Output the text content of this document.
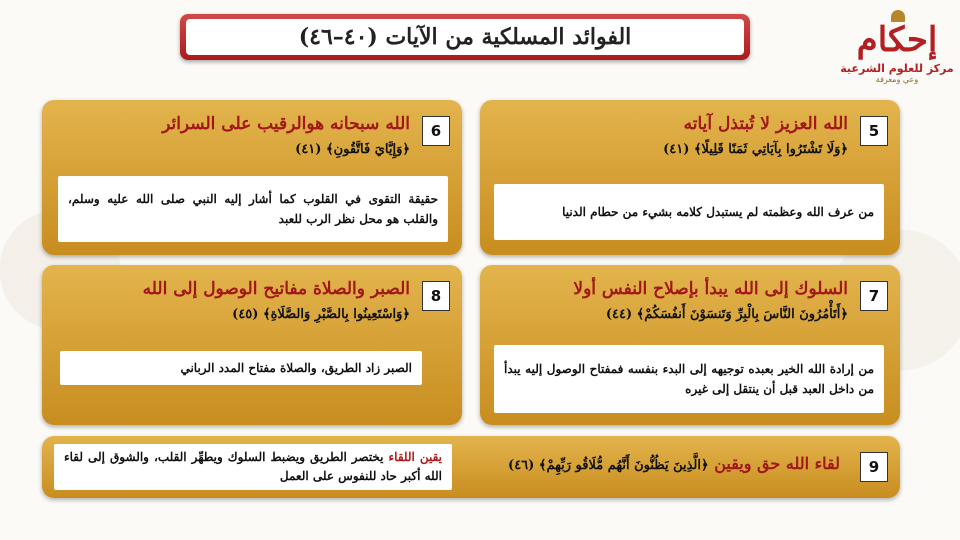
الفوائد المسلكية من الآيات (٤٠–٤٦)	إحكام
مركز للعلوم الشرعية
وعي ومعرفة
5
الله العزيز لا تُبتذل آياته
﴿وَلَا تَشْتَرُوا بِآيَاتِي ثَمَنًا قَلِيلًا﴾ (٤١)
من عرف الله وعظمته لم يستبدل كلامه بشيء من حطام الدنيا
6
الله سبحانه هوالرقيب على السرائر
﴿وَإِيَّايَ فَاتَّقُونِ﴾ (٤١)
حقيقة التقوى في القلوب كما أشار إليه النبي صلى الله عليه وسلم، والقلب هو محل نظر الرب للعبد
7
السلوك إلى الله يبدأ بإصلاح النفس أولا
﴿أَتَأْمُرُونَ النَّاسَ بِالْبِرِّ وَتَنسَوْنَ أَنفُسَكُمْ﴾ (٤٤)
من إرادة الله الخير بعبده توجيهه إلى البدء بنفسه فمفتاح الوصول إليه يبدأ من داخل العبد قبل أن ينتقل إلى غيره
8
الصبر والصلاة مفاتيح الوصول إلى الله
﴿وَاسْتَعِينُوا بِالصَّبْرِ وَالصَّلَاةِ﴾ (٤٥)
الصبر زاد الطريق، والصلاة مفتاح المدد الرباني
9
لقاء الله حق ويقين ﴿الَّذِينَ يَظُنُّونَ أَنَّهُم مُّلَاقُو رَبِّهِمْ﴾ (٤٦)
يقين اللقاء يختصر الطريق ويضبط السلوك ويطهِّر القلب، والشوق إلى لقاء الله أكبر حاد للنفوس على العمل
